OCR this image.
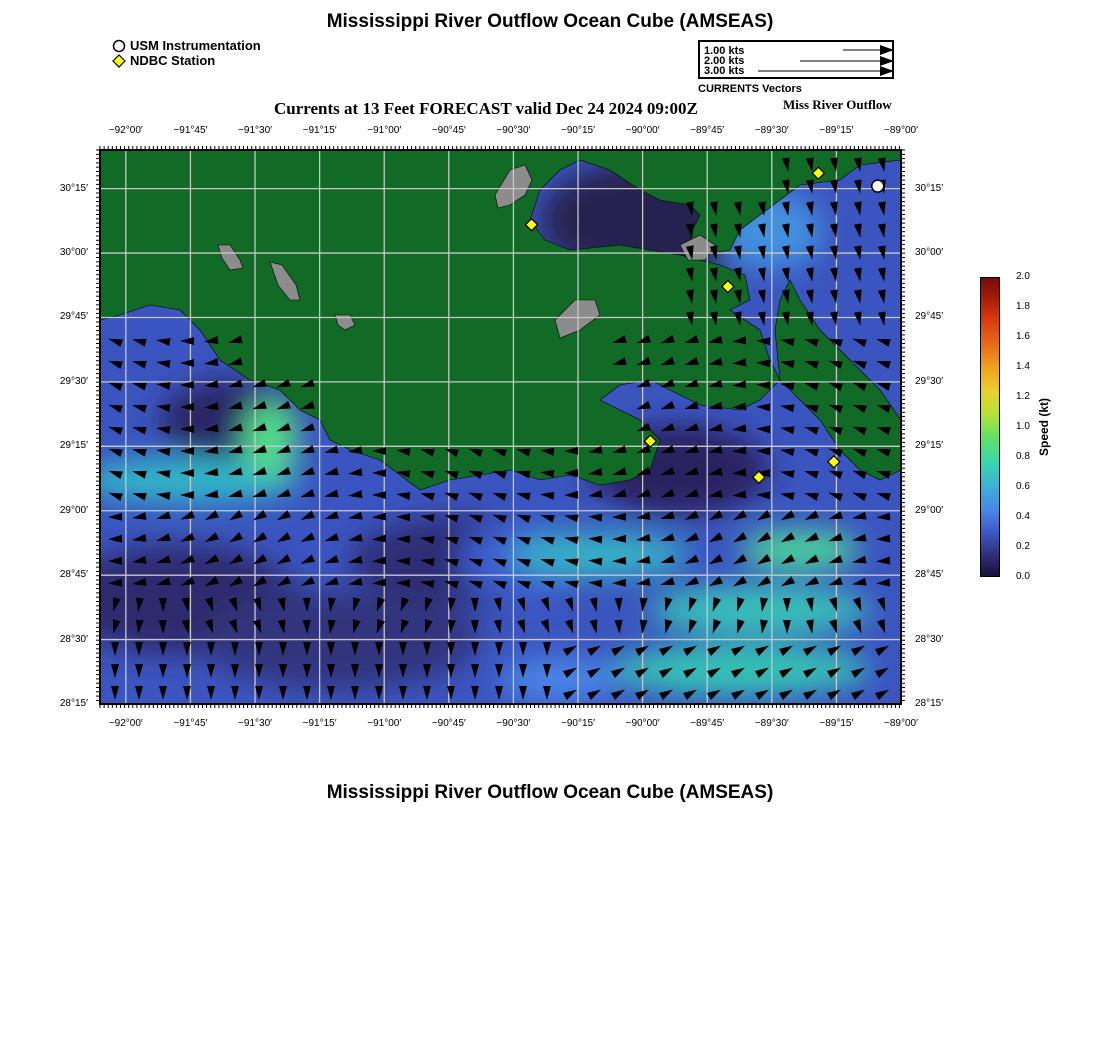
Mississippi River Outflow Ocean Cube (AMSEAS)
Mississippi River Outflow Ocean Cube (AMSEAS)
USM Instrumentation
NDBC Station
1.00 kts
2.00 kts
3.00 kts
CURRENTS Vectors
Currents at 13 Feet FORECAST valid Dec 24 2024 09:00Z	Miss River Outflow
−92°00′	−91°45′	−91°30′	−91°15′	−91°00′	−90°45′	−90°30′	−90°15′	−90°00′	−89°45′	−89°30′	−89°15′	−89°00′
−92°00′	−91°45′	−91°30′	−91°15′	−91°00′	−90°45′	−90°30′	−90°15′	−90°00′	−89°45′	−89°30′	−89°15′	−89°00′
30°15′
30°00′
29°45′
29°30′
29°15′
29°00′
28°45′
28°30′
28°15′
30°15′
30°00′
29°45′
29°30′
29°15′
29°00′
28°45′
28°30′
28°15′
2.0
1.8
1.6
1.4
1.2
1.0
0.8
0.6
0.4
0.2
0.0
Speed (kt)
